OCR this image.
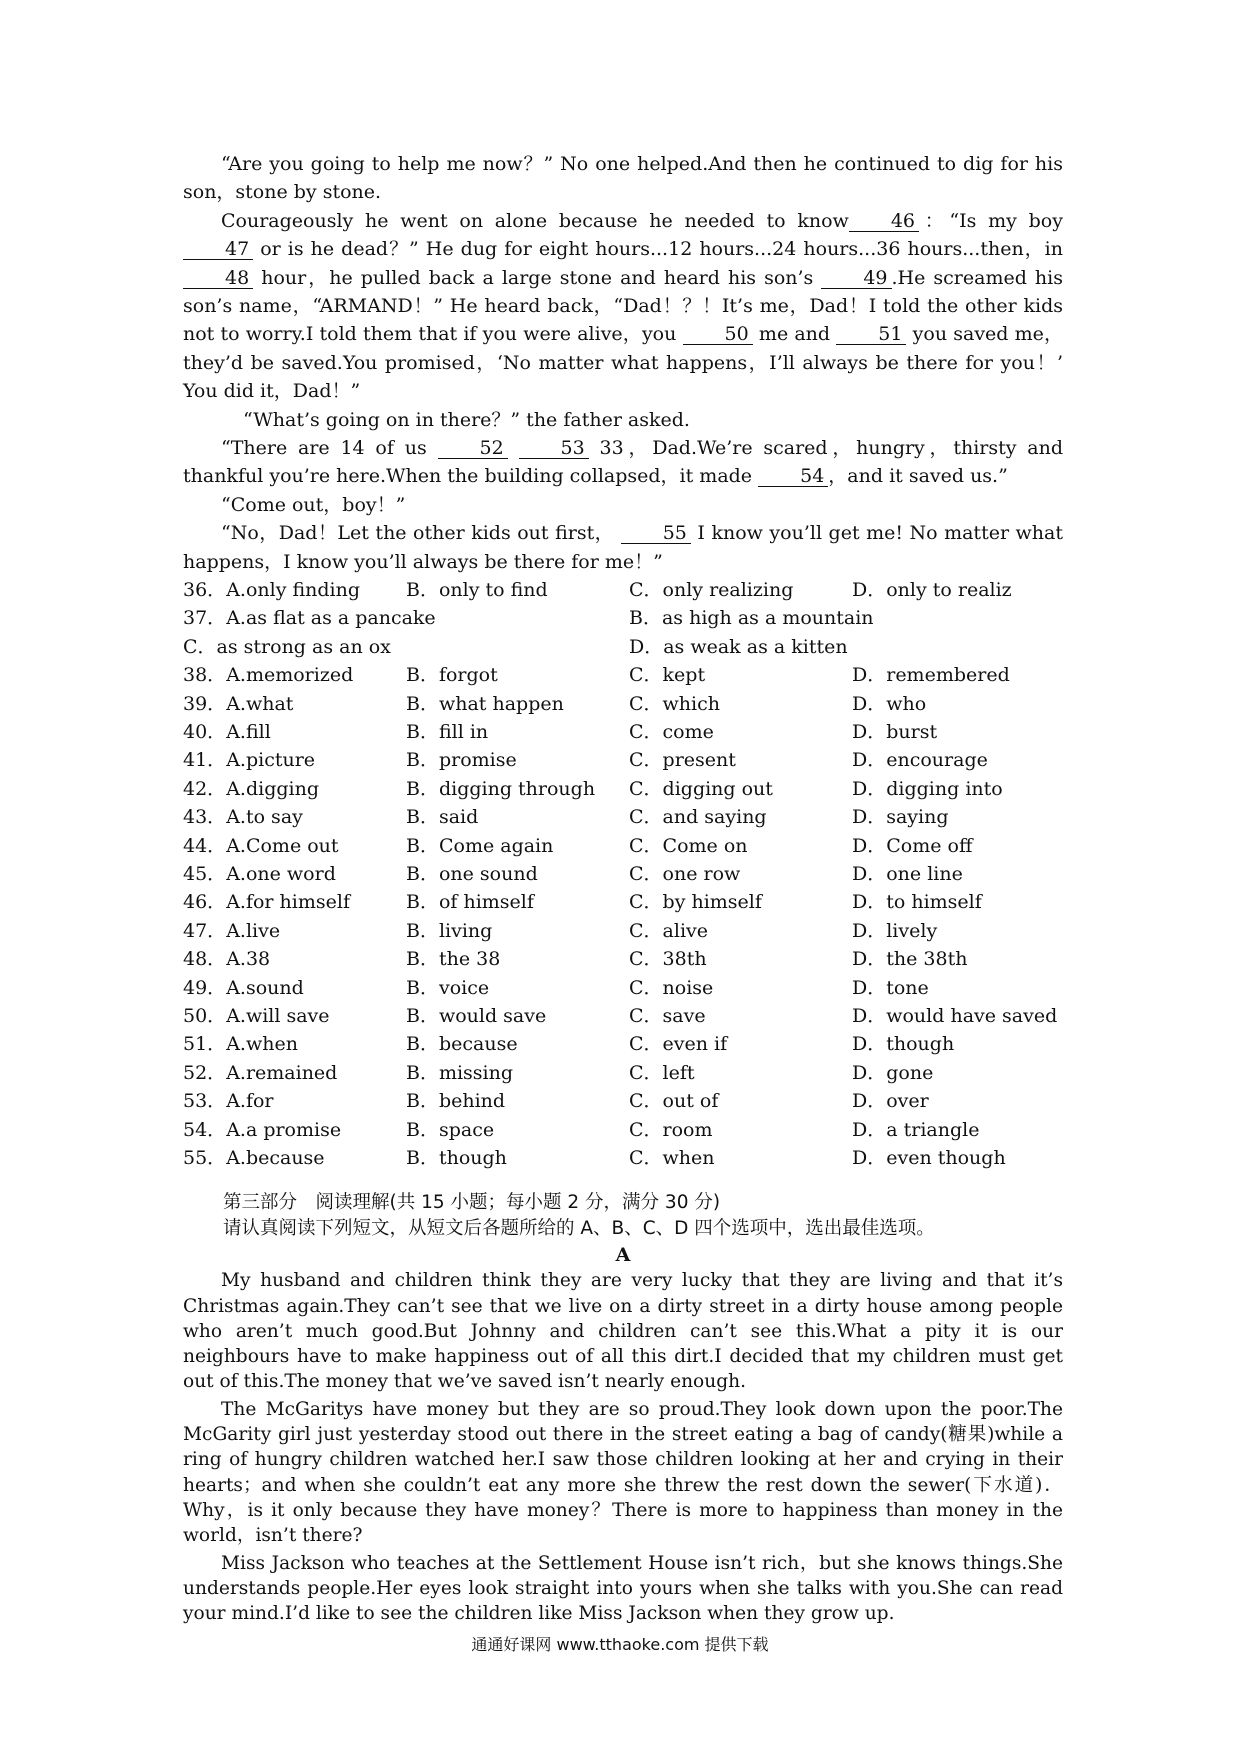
“Are you going to help me now？” No one helped.And then he continued to dig for his son，stone by stone.

Courageously he went on alone because he needed to know 46 ：“Is my boy 47 or is he dead？” He dug for eight hours...12 hours...24 hours...36 hours...then，in 48 hour，he pulled back a large stone and heard his son’s	49 .He screamed his son’s name，“ARMAND！” He heard back，“Dad！？！It’s me，Dad！I told the other kids not to worry.I told them that if you were alive，you	50 me and	51 you saved me，they’d be saved.You promised，‘No matter what happens，I’ll always be there for you！’ You did it，Dad！”

“What’s going on in there？” the father asked.

“There are 14 of us	52	53 33，Dad.We’re scared，hungry，thirsty and thankful you’re here.When the building collapsed，it made	54 ，and it saved us.”

“Come out，boy！”

“No，Dad！Let the other kids out first，	55 I know you’ll get me! No matter what happens，I know you’ll always be there for me！”

36．A.only finding	B．only to find	C．only realizing	D．only to realiz
37．A.as flat as a pancake	B．as high as a mountain
C．as strong as an ox	D．as weak as a kitten
38．A.memorized	B．forgot	C．kept	D．remembered
39．A.what	B．what happen	C．which	D．who
40．A.fill	B．fill in	C．come	D．burst
41．A.picture	B．promise	C．present	D．encourage
42．A.digging	B．digging through	C．digging out	D．digging into
43．A.to say	B．said	C．and saying	D．saying
44．A.Come out	B．Come again	C．Come on	D．Come off
45．A.one word	B．one sound	C．one row	D．one line
46．A.for himself	B．of himself	C．by himself	D．to himself
47．A.live	B．living	C．alive	D．lively
48．A.38	B．the 38	C．38th	D．the 38th
49．A.sound	B．voice	C．noise	D．tone
50．A.will save	B．would save	C．save	D．would have saved
51．A.when	B．because	C．even if	D．though
52．A.remained	B．missing	C．left	D．gone
53．A.for	B．behind	C．out of	D．over
54．A.a promise	B．space	C．room	D．a triangle
55．A.because	B．though	C．when	D．even though

第三部分　阅读理解(共 15 小题；每小题 2 分，满分 30 分)

请认真阅读下列短文，从短文后各题所给的 A、B、C、D 四个选项中，选出最佳选项。

A

My husband and children think they are very lucky that they are living and that it’s Christmas again.They can’t see that we live on a dirty street in a dirty house among people who aren’t much good.But Johnny and children can’t see this.What a pity it is our neighbours have to make happiness out of all this dirt.I decided that my children must get out of this.The money that we’ve saved isn’t nearly enough.

The McGaritys have money but they are so proud.They look down upon the poor.The McGarity girl just yesterday stood out there in the street eating a bag of candy(糖果)while a ring of hungry children watched her.I saw those children looking at her and crying in their hearts；and when she couldn’t eat any more she threw the rest down the sewer(下水道)．Why，is it only because they have money？There is more to happiness than money in the world，isn’t there?

Miss Jackson who teaches at the Settlement House isn’t rich，but she knows things.She understands people.Her eyes look straight into yours when she talks with you.She can read your mind.I’d like to see the children like Miss Jackson when they grow up.

通通好课网 www.tthaoke.com 提供下载
